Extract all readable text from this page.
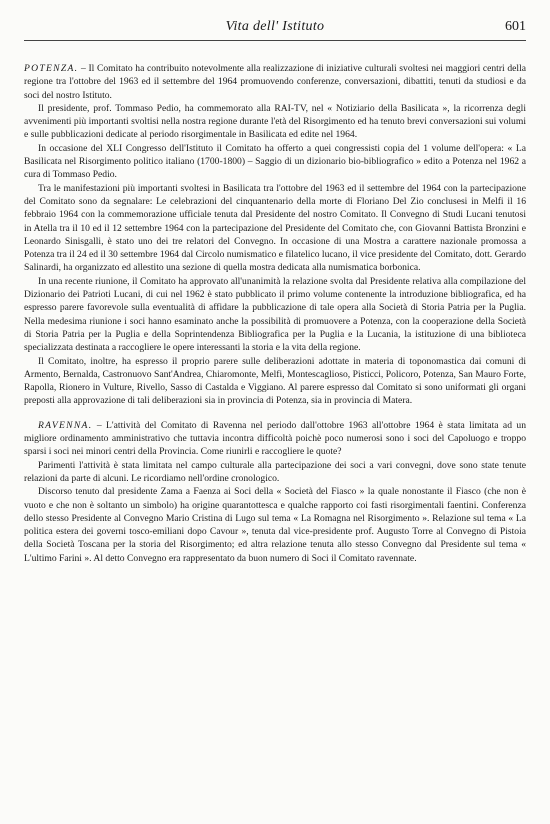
Vita dell' Istituto	601

POTENZA. – Il Comitato ha contribuito notevolmente alla realizzazione di iniziative culturali svoltesi nei maggiori centri della regione tra l'ottobre del 1963 ed il settembre del 1964 promuovendo conferenze, conversazioni, dibattiti, tenuti da studiosi e da soci del nostro Istituto.

Il presidente, prof. Tommaso Pedio, ha commemorato alla RAI-TV, nel « Notiziario della Basilicata », la ricorrenza degli avvenimenti più importanti svoltisi nella nostra regione durante l'età del Risorgimento ed ha tenuto brevi conversazioni sui volumi e sulle pubblicazioni dedicate al periodo risorgimentale in Basilicata ed edite nel 1964.

In occasione del XLI Congresso dell'Istituto il Comitato ha offerto a quei congressisti copia del 1 volume dell'opera: « La Basilicata nel Risorgimento politico italiano (1700-1800) – Saggio di un dizionario bio-bibliografico » edito a Potenza nel 1962 a cura di Tommaso Pedio.

Tra le manifestazioni più importanti svoltesi in Basilicata tra l'ottobre del 1963 ed il settembre del 1964 con la partecipazione del Comitato sono da segnalare: Le celebrazioni del cinquantenario della morte di Floriano Del Zio conclusesi in Melfi il 16 febbraio 1964 con la commemorazione ufficiale tenuta dal Presidente del nostro Comitato. Il Convegno di Studi Lucani tenutosi in Atella tra il 10 ed il 12 settembre 1964 con la partecipazione del Presidente del Comitato che, con Giovanni Battista Bronzini e Leonardo Sinisgalli, è stato uno dei tre relatori del Convegno. In occasione di una Mostra a carattere nazionale promossa a Potenza tra il 24 ed il 30 settembre 1964 dal Circolo numismatico e filatelico lucano, il vice presidente del Comitato, dott. Gerardo Salinardi, ha organizzato ed allestito una sezione di quella mostra dedicata alla numismatica borbonica.

In una recente riunione, il Comitato ha approvato all'unanimità la relazione svolta dal Presidente relativa alla compilazione del Dizionario dei Patrioti Lucani, di cui nel 1962 è stato pubblicato il primo volume contenente la introduzione bibliografica, ed ha espresso parere favorevole sulla eventualità di affidare la pubblicazione di tale opera alla Società di Storia Patria per la Puglia. Nella medesima riunione i soci hanno esaminato anche la possibilità di promuovere a Potenza, con la cooperazione della Società di Storia Patria per la Puglia e della Soprintendenza Bibliografica per la Puglia e la Lucania, la istituzione di una biblioteca specializzata destinata a raccogliere le opere interessanti la storia e la vita della regione.

Il Comitato, inoltre, ha espresso il proprio parere sulle deliberazioni adottate in materia di toponomastica dai comuni di Armento, Bernalda, Castronuovo Sant'Andrea, Chiaromonte, Melfi, Montescaglioso, Pisticci, Policoro, Potenza, San Mauro Forte, Rapolla, Rionero in Vulture, Rivello, Sasso di Castalda e Viggiano. Al parere espresso dal Comitato si sono uniformati gli organi preposti alla approvazione di tali deliberazioni sia in provincia di Potenza, sia in provincia di Matera.

RAVENNA. – L'attività del Comitato di Ravenna nel periodo dall'ottobre 1963 all'ottobre 1964 è stata limitata ad un migliore ordinamento amministrativo che tuttavia incontra difficoltà poichè poco numerosi sono i soci del Capoluogo e troppo sparsi i soci nei minori centri della Provincia. Come riunirli e raccogliere le quote?

Parimenti l'attività è stata limitata nel campo culturale alla partecipazione dei soci a vari convegni, dove sono state tenute relazioni da parte di alcuni. Le ricordiamo nell'ordine cronologico.

Discorso tenuto dal presidente Zama a Faenza ai Soci della « Società del Fiasco » la quale nonostante il Fiasco (che non è vuoto e che non è soltanto un simbolo) ha origine quarantottesca e qualche rapporto coi fasti risorgimentali faentini. Conferenza dello stesso Presidente al Convegno Mario Cristina di Lugo sul tema « La Romagna nel Risorgimento ». Relazione sul tema « La politica estera dei governi tosco-emiliani dopo Cavour », tenuta dal vice-presidente prof. Augusto Torre al Convegno di Pistoia della Società Toscana per la storia del Risorgimento; ed altra relazione tenuta allo stesso Convegno dal Presidente sul tema « L'ultimo Farini ». Al detto Convegno era rappresentato da buon numero di Soci il Comitato ravennate.
